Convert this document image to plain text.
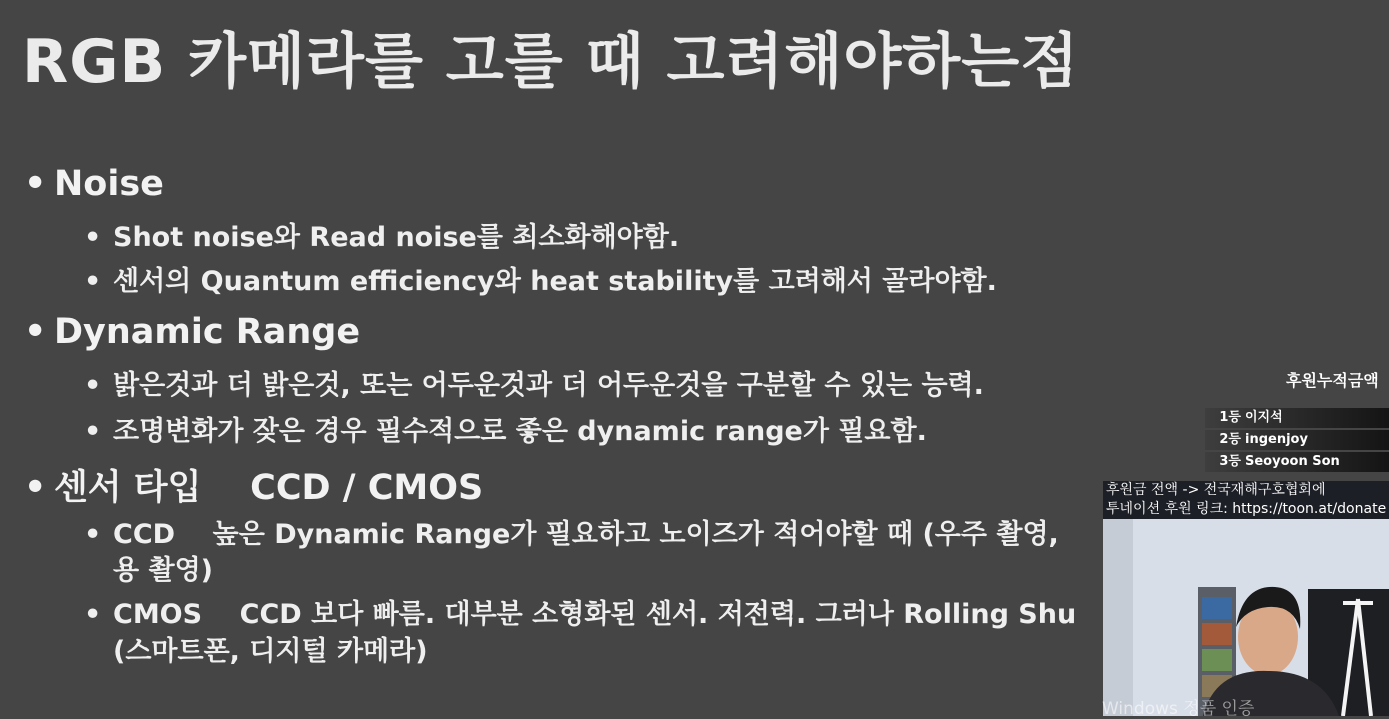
RGB 카메라를 고를 때 고려해야하는점
• Noise
• Shot noise와 Read noise를 최소화해야함.
• 센서의 Quantum efficiency와 heat stability를 고려해서 골라야함.
• Dynamic Range
• 밝은것과 더 밝은것, 또는 어두운것과 더 어두운것을 구분할 수 있는 능력.
• 조명변화가 잦은 경우 필수적으로 좋은 dynamic range가 필요함.
• 센서 타입    CCD / CMOS
• CCD    높은 Dynamic Range가 필요하고 노이즈가 적어야할 때 (우주 촬영,
용 촬영)
• CMOS    CCD 보다 빠름. 대부분 소형화된 센서. 저전력. 그러나 Rolling Shu
(스마트폰, 디지털 카메라)
후원누적금액
1등 이지석
2등 ingenjoy
3등 Seoyoon Son
후원금 전액 -> 전국재해구호협회에
투네이션 후원 링크: https://toon.at/donate
Windows 정품 인증
